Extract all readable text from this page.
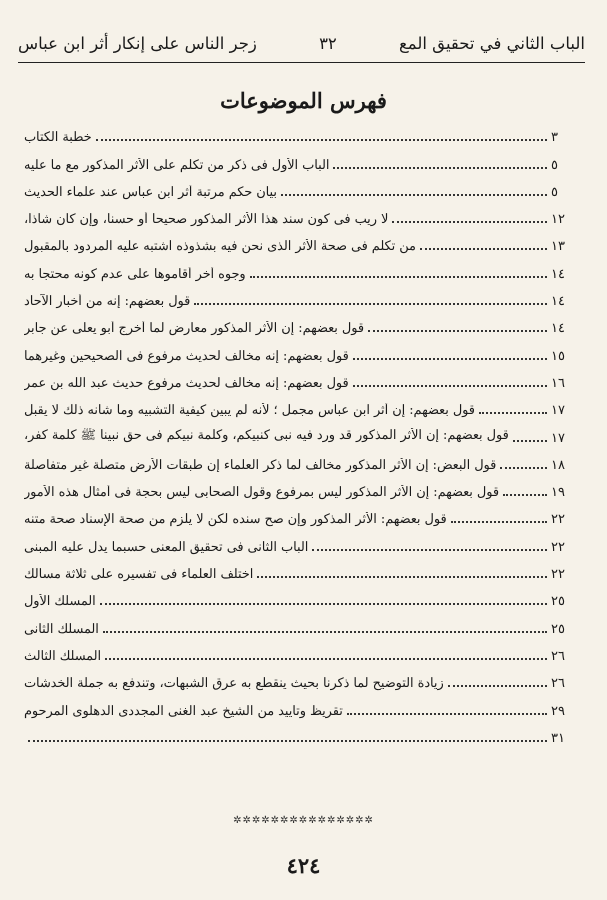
زجر الناس على إنكار أثر ابن عباس	٣٢	الباب الثاني في تحقيق المع
فهرس الموضوعات
خطبة الكتاب	٣
الباب الأول فى ذكر من تكلم على الأثر المذكور مع ما عليه	٥
بيان حكم مرتبة أثر ابن عباس عند علماء الحديث	٥
لا ريب فى كون سند هذا الأثر المذكور صحيحا أو حسنا، وإن كان شاذا،	١٢
من تكلم فى صحة الأثر الذى نحن فيه بشذوذه اشتبه عليه المردود بالمقبول	١٣
وجوه أخر أقاموها على عدم كونه محتجا به	١٤
قول بعضهم: إنه من أخبار الآحاد	١٤
قول بعضهم: إن الأثر المذكور معارض لما أخرج أبو يعلى عن جابر	١٤
قول بعضهم: إنه مخالف لحديث مرفوع فى الصحيحين وغيرهما	١٥
قول بعضهم: إنه مخالف لحديث مرفوع حديث عبد الله بن عمر	١٦
قول بعضهم: إن أثر ابن عباس مجمل ؛ لأنه لم يبين كيفية التشبيه وما شأنه ذلك لا يقبل	١٧
قول بعضهم: إن الأثر المذكور قد ورد فيه نبى كنبيكم، وكلمة نبيكم فى حق نبينا ﷺ كلمة كفر،	١٧
قول البعض: إن الأثر المذكور مخالف لما ذكر العلماء إن طبقات الأرض متصلة غير متفاصلة	١٨
قول بعضهم: إن الأثر المذكور ليس بمرفوع وقول الصحابى ليس بحجة فى أمثال هذه الأمور	١٩
قول بعضهم: الأثر المذكور وإن صح سنده لكن لا يلزم من صحة الإسناد صحة متنه	٢٢
الباب الثانى فى تحقيق المعنى حسبما يدل عليه المبنى	٢٢
اختلف العلماء فى تفسيره على ثلاثة مسالك	٢٢
المسلك الأول	٢٥
المسلك الثانى	٢٥
المسلك الثالث	٢٦
زيادة التوضيح لما ذكرنا بحيث ينقطع به عرق الشبهات، وتندفع به جملة الخدشات	٢٦
تقريظ وتأييد من الشيخ عبد الغنى المجددى الدهلوى المرحوم	٢٩
٣١
✲✲✲✲✲✲✲✲✲✲✲✲✲✲✲
٤٢٤
